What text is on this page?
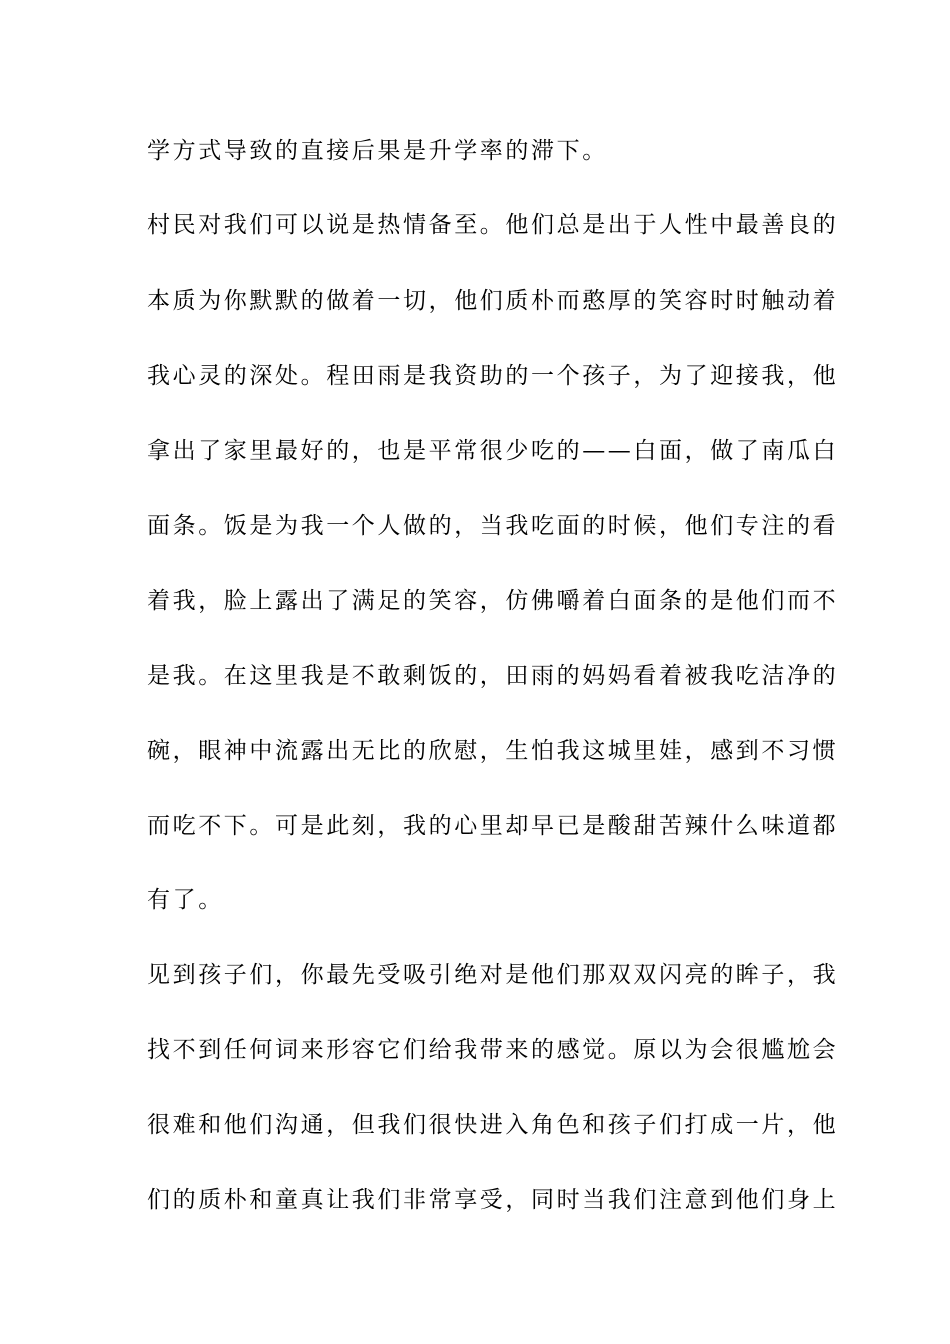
学方式导致的直接后果是升学率的滞下。
村民对我们可以说是热情备至。他们总是出于人性中最善良的
本质为你默默的做着一切，他们质朴而憨厚的笑容时时触动着
我心灵的深处。程田雨是我资助的一个孩子，为了迎接我，他
拿出了家里最好的，也是平常很少吃的——白面，做了南瓜白
面条。饭是为我一个人做的，当我吃面的时候，他们专注的看
着我，脸上露出了满足的笑容，仿佛嚼着白面条的是他们而不
是我。在这里我是不敢剩饭的，田雨的妈妈看着被我吃洁净的
碗，眼神中流露出无比的欣慰，生怕我这城里娃，感到不习惯
而吃不下。可是此刻，我的心里却早已是酸甜苦辣什么味道都
有了。
见到孩子们，你最先受吸引绝对是他们那双双闪亮的眸子，我
找不到任何词来形容它们给我带来的感觉。原以为会很尴尬会
很难和他们沟通，但我们很快进入角色和孩子们打成一片，他
们的质朴和童真让我们非常享受，同时当我们注意到他们身上
